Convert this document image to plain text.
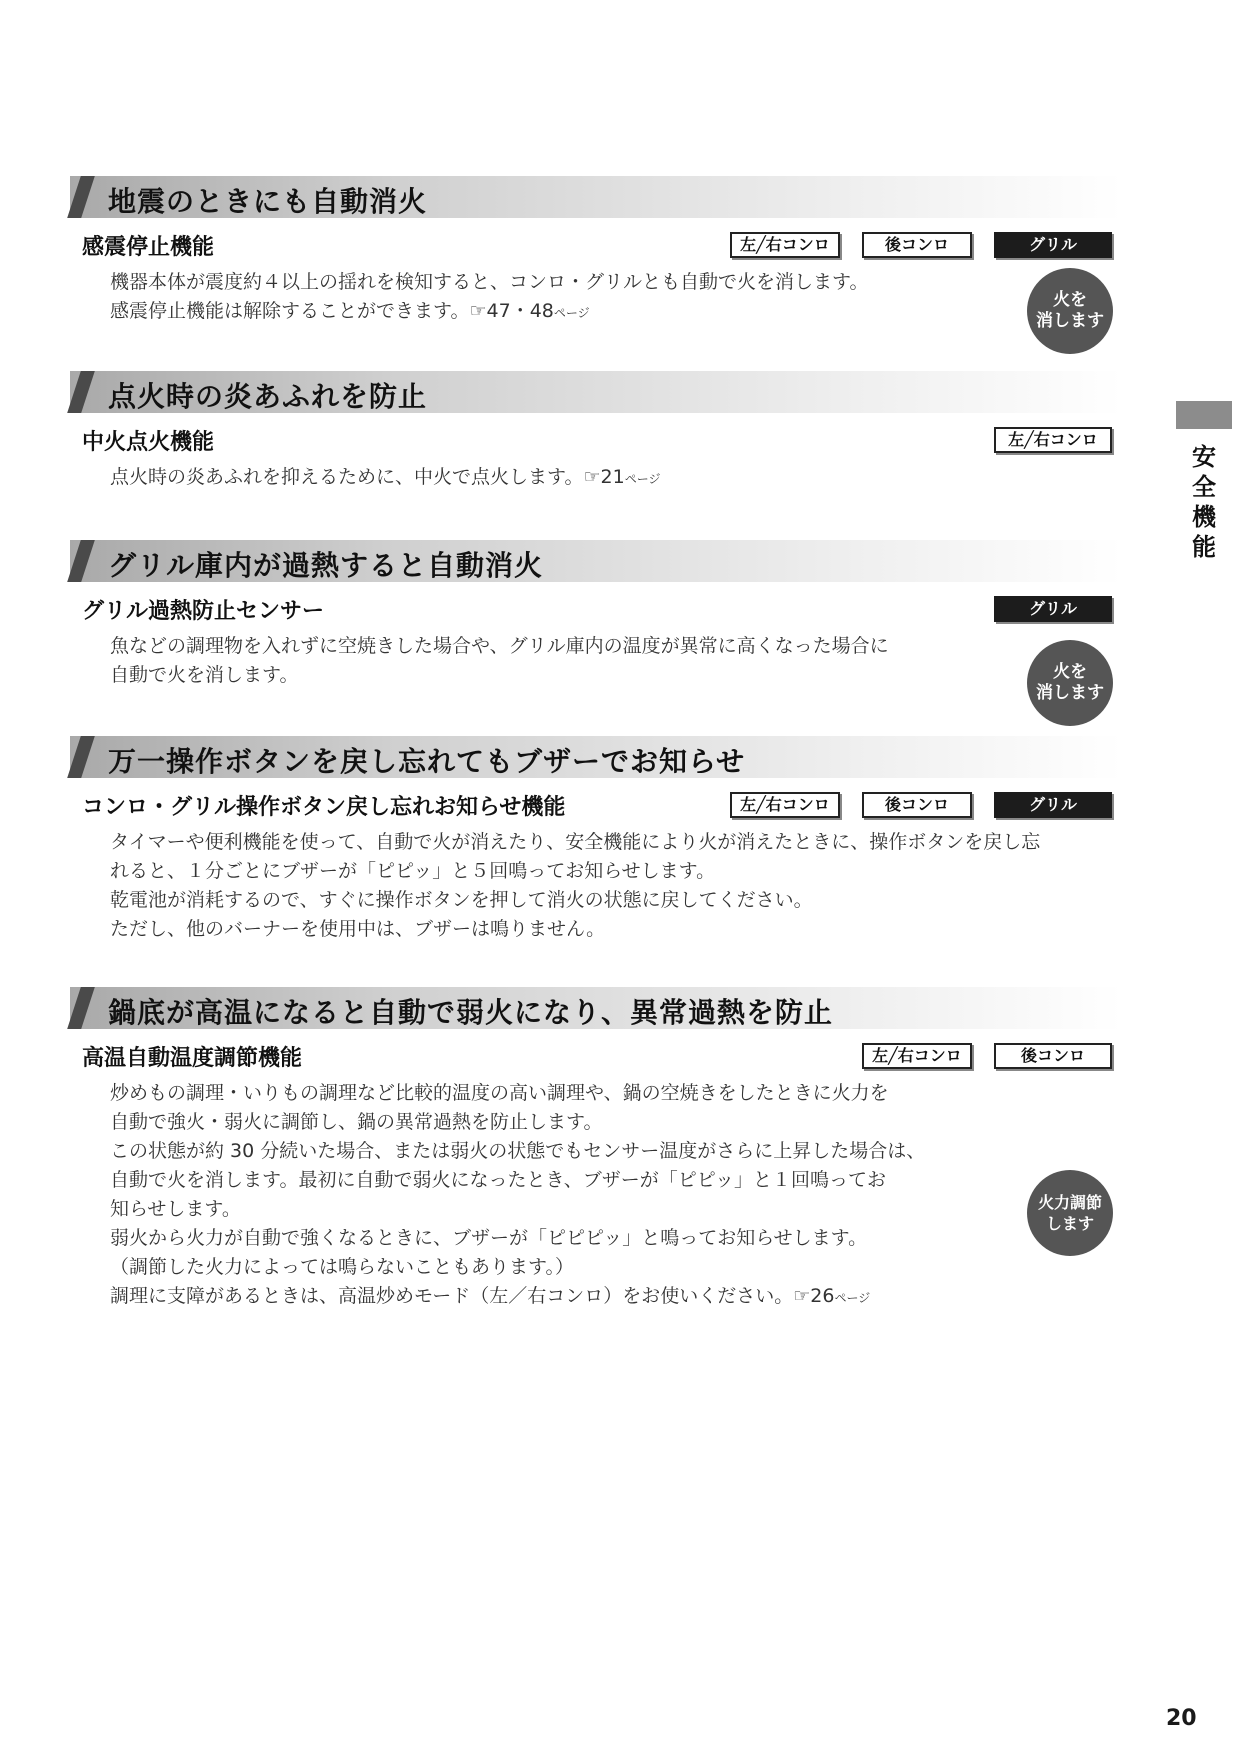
地震のときにも自動消火
感震停止機能	左╱右コンロ	後コンロ	グリル
機器本体が震度約４以上の揺れを検知すると、コンロ・グリルとも自動で火を消します。
感震停止機能は解除することができます。☞47・48ページ
火を
消します
点火時の炎あふれを防止
中火点火機能	左╱右コンロ
点火時の炎あふれを抑えるために、中火で点火します。☞21ページ
グリル庫内が過熱すると自動消火
グリル過熱防止センサー	グリル
魚などの調理物を入れずに空焼きした場合や、グリル庫内の温度が異常に高くなった場合に
自動で火を消します。	火を
消します
万一操作ボタンを戻し忘れてもブザーでお知らせ
コンロ・グリル操作ボタン戻し忘れお知らせ機能	左╱右コンロ	後コンロ	グリル
タイマーや便利機能を使って、自動で火が消えたり、安全機能により火が消えたときに、操作ボタンを戻し忘
れると、１分ごとにブザーが「ピピッ」と５回鳴ってお知らせします。
乾電池が消耗するので、すぐに操作ボタンを押して消火の状態に戻してください。
ただし、他のバーナーを使用中は、ブザーは鳴りません。
鍋底が高温になると自動で弱火になり、異常過熱を防止
高温自動温度調節機能	左╱右コンロ	後コンロ
炒めもの調理・いりもの調理など比較的温度の高い調理や、鍋の空焼きをしたときに火力を
自動で強火・弱火に調節し、鍋の異常過熱を防止します。
この状態が約 30 分続いた場合、または弱火の状態でもセンサー温度がさらに上昇した場合は、
自動で火を消します。最初に自動で弱火になったとき、ブザーが「ピピッ」と１回鳴ってお
知らせします。
弱火から火力が自動で強くなるときに、ブザーが「ピピピッ」と鳴ってお知らせします。
（調節した火力によっては鳴らないこともあります。）
調理に支障があるときは、高温炒めモード（左／右コンロ）をお使いください。☞26ページ
火力調節
します
安
全
機
能
20
